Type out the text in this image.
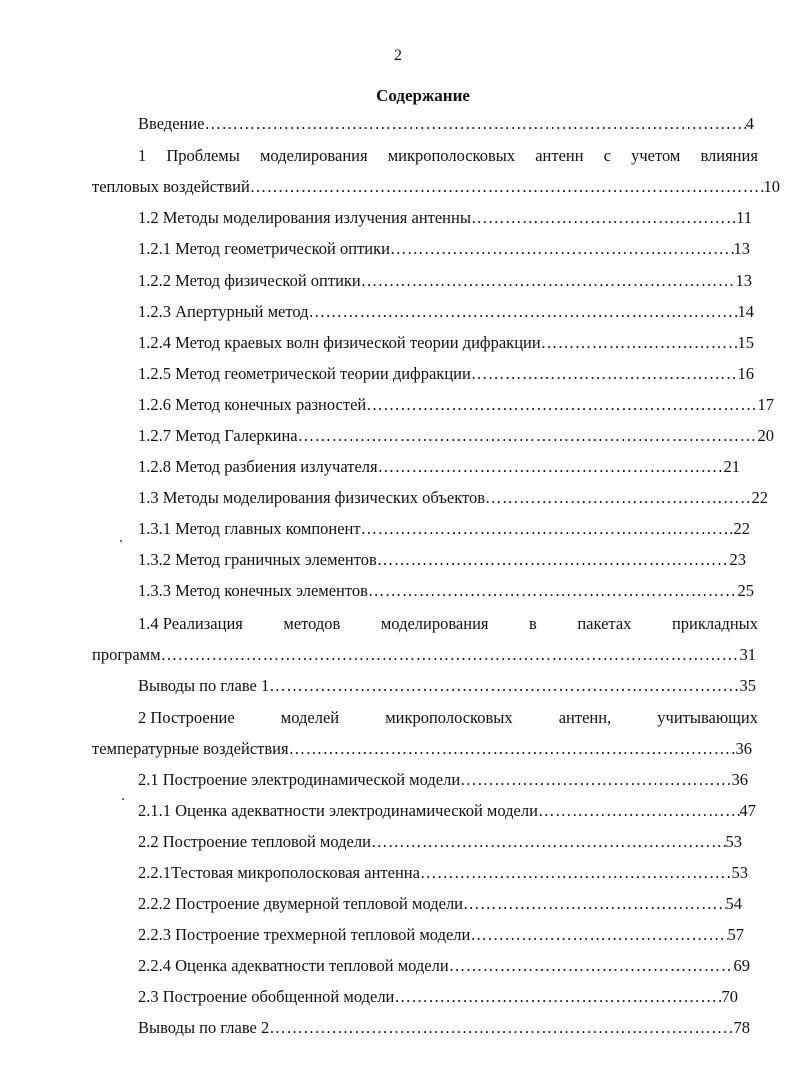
2
Содержание
Введение ………………………………………………………………………………………………………………………………………………………………………………………………	4
1 Проблемы моделирования микрополосковых антенн с учетом влияния
тепловых воздействий ………………………………………………………………………………………………………………………………………………………………………………………………	10
1.2 Методы моделирования излучения антенны ………………………………………………………………………………………………………………………………………………………………………………………………	11
1.2.1 Метод геометрической оптики ………………………………………………………………………………………………………………………………………………………………………………………………	13
1.2.2 Метод физической оптики ………………………………………………………………………………………………………………………………………………………………………………………………	13
1.2.3 Апертурный метод ………………………………………………………………………………………………………………………………………………………………………………………………	14
1.2.4 Метод краевых волн физической теории дифракции ………………………………………………………………………………………………………………………………………………………………………………………………	15
1.2.5 Метод геометрической теории дифракции ………………………………………………………………………………………………………………………………………………………………………………………………	16
1.2.6 Метод конечных разностей ………………………………………………………………………………………………………………………………………………………………………………………………	17
1.2.7 Метод Галеркина ………………………………………………………………………………………………………………………………………………………………………………………………	20
1.2.8 Метод разбиения излучателя ………………………………………………………………………………………………………………………………………………………………………………………………	21
1.3 Методы моделирования физических объектов ………………………………………………………………………………………………………………………………………………………………………………………………	22
1.3.1 Метод главных компонент ………………………………………………………………………………………………………………………………………………………………………………………………	22
1.3.2 Метод граничных элементов ………………………………………………………………………………………………………………………………………………………………………………………………	23
1.3.3 Метод конечных элементов ………………………………………………………………………………………………………………………………………………………………………………………………	25
1.4 Реализация методов моделирования в пакетах прикладных
программ ………………………………………………………………………………………………………………………………………………………………………………………………	31
Выводы по главе 1 ………………………………………………………………………………………………………………………………………………………………………………………………	35
2 Построение	моделей	микрополосковых	антенн,	учитывающих
температурные воздействия ………………………………………………………………………………………………………………………………………………………………………………………………	36
2.1 Построение электродинамической модели ………………………………………………………………………………………………………………………………………………………………………………………………	36
2.1.1 Оценка адекватности электродинамической модели ………………………………………………………………………………………………………………………………………………………………………………………………	47
2.2 Построение тепловой модели ………………………………………………………………………………………………………………………………………………………………………………………………	53
2.2.1Тестовая микрополосковая антенна ………………………………………………………………………………………………………………………………………………………………………………………………	53
2.2.2 Построение двумерной тепловой модели ………………………………………………………………………………………………………………………………………………………………………………………………	54
2.2.3 Построение трехмерной тепловой модели ………………………………………………………………………………………………………………………………………………………………………………………………	57
2.2.4 Оценка адекватности тепловой модели ………………………………………………………………………………………………………………………………………………………………………………………………	69
2.3 Построение обобщенной модели ………………………………………………………………………………………………………………………………………………………………………………………………	70
Выводы по главе 2 ………………………………………………………………………………………………………………………………………………………………………………………………	78
